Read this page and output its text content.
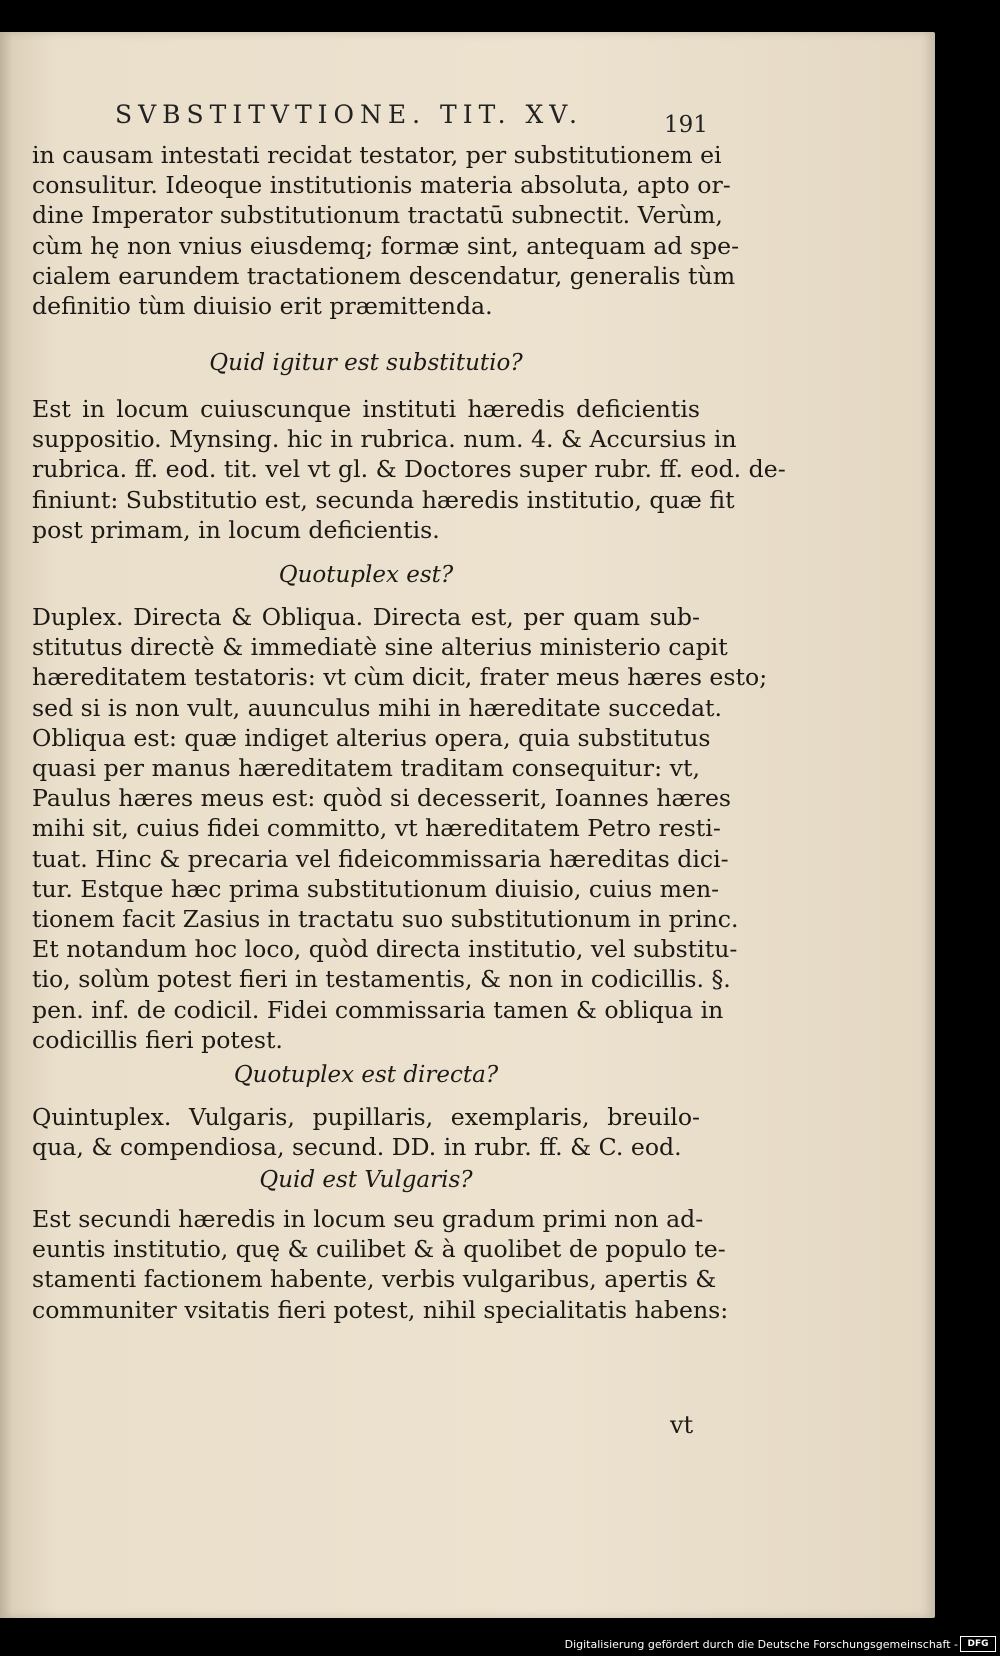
SVBSTITVTIONE. TIT. XV.	191
in causam intestati recidat testator, per substitutionem ei
consulitur. Ideoque institutionis materia absoluta, apto or-
dine Imperator substitutionum tractatū subnectit. Verùm,
cùm hę non vnius eiusdemq; formæ sint, antequam ad spe-
cialem earundem tractationem descendatur, generalis tùm
definitio tùm diuisio erit præmittenda.
Quid igitur est substitutio?
Est in locum cuiuscunque instituti hæredis deficientis
suppositio. Mynsing. hic in rubrica. num. 4. & Accursius in
rubrica. ff. eod. tit. vel vt gl. & Doctores super rubr. ff. eod. de-
finiunt: Substitutio est, secunda hæredis institutio, quæ fit
post primam, in locum deficientis.
Quotuplex est?
Duplex. Directa & Obliqua. Directa est, per quam sub-
stitutus directè & immediatè sine alterius ministerio capit
hæreditatem testatoris: vt cùm dicit, frater meus hæres esto;
sed si is non vult, auunculus mihi in hæreditate succedat.
Obliqua est: quæ indiget alterius opera, quia substitutus
quasi per manus hæreditatem traditam consequitur: vt,
Paulus hæres meus est: quòd si decesserit, Ioannes hæres
mihi sit, cuius fidei committo, vt hæreditatem Petro resti-
tuat. Hinc & precaria vel fideicommissaria hæreditas dici-
tur. Estque hæc prima substitutionum diuisio, cuius men-
tionem facit Zasius in tractatu suo substitutionum in princ.
Et notandum hoc loco, quòd directa institutio, vel substitu-
tio, solùm potest fieri in testamentis, & non in codicillis. §.
pen. inf. de codicil. Fidei commissaria tamen & obliqua in
codicillis fieri potest.
Quotuplex est directa?
Quintuplex. Vulgaris, pupillaris, exemplaris, breuilo-
qua, & compendiosa, secund. DD. in rubr. ff. & C. eod.
Quid est Vulgaris?
Est secundi hæredis in locum seu gradum primi non ad-
euntis institutio, quę & cuilibet & à quolibet de populo te-
stamenti factionem habente, verbis vulgaribus, apertis &
communiter vsitatis fieri potest, nihil specialitatis habens:
vt
Digitalisierung gefördert durch die Deutsche Forschungsgemeinschaft -	DFG
